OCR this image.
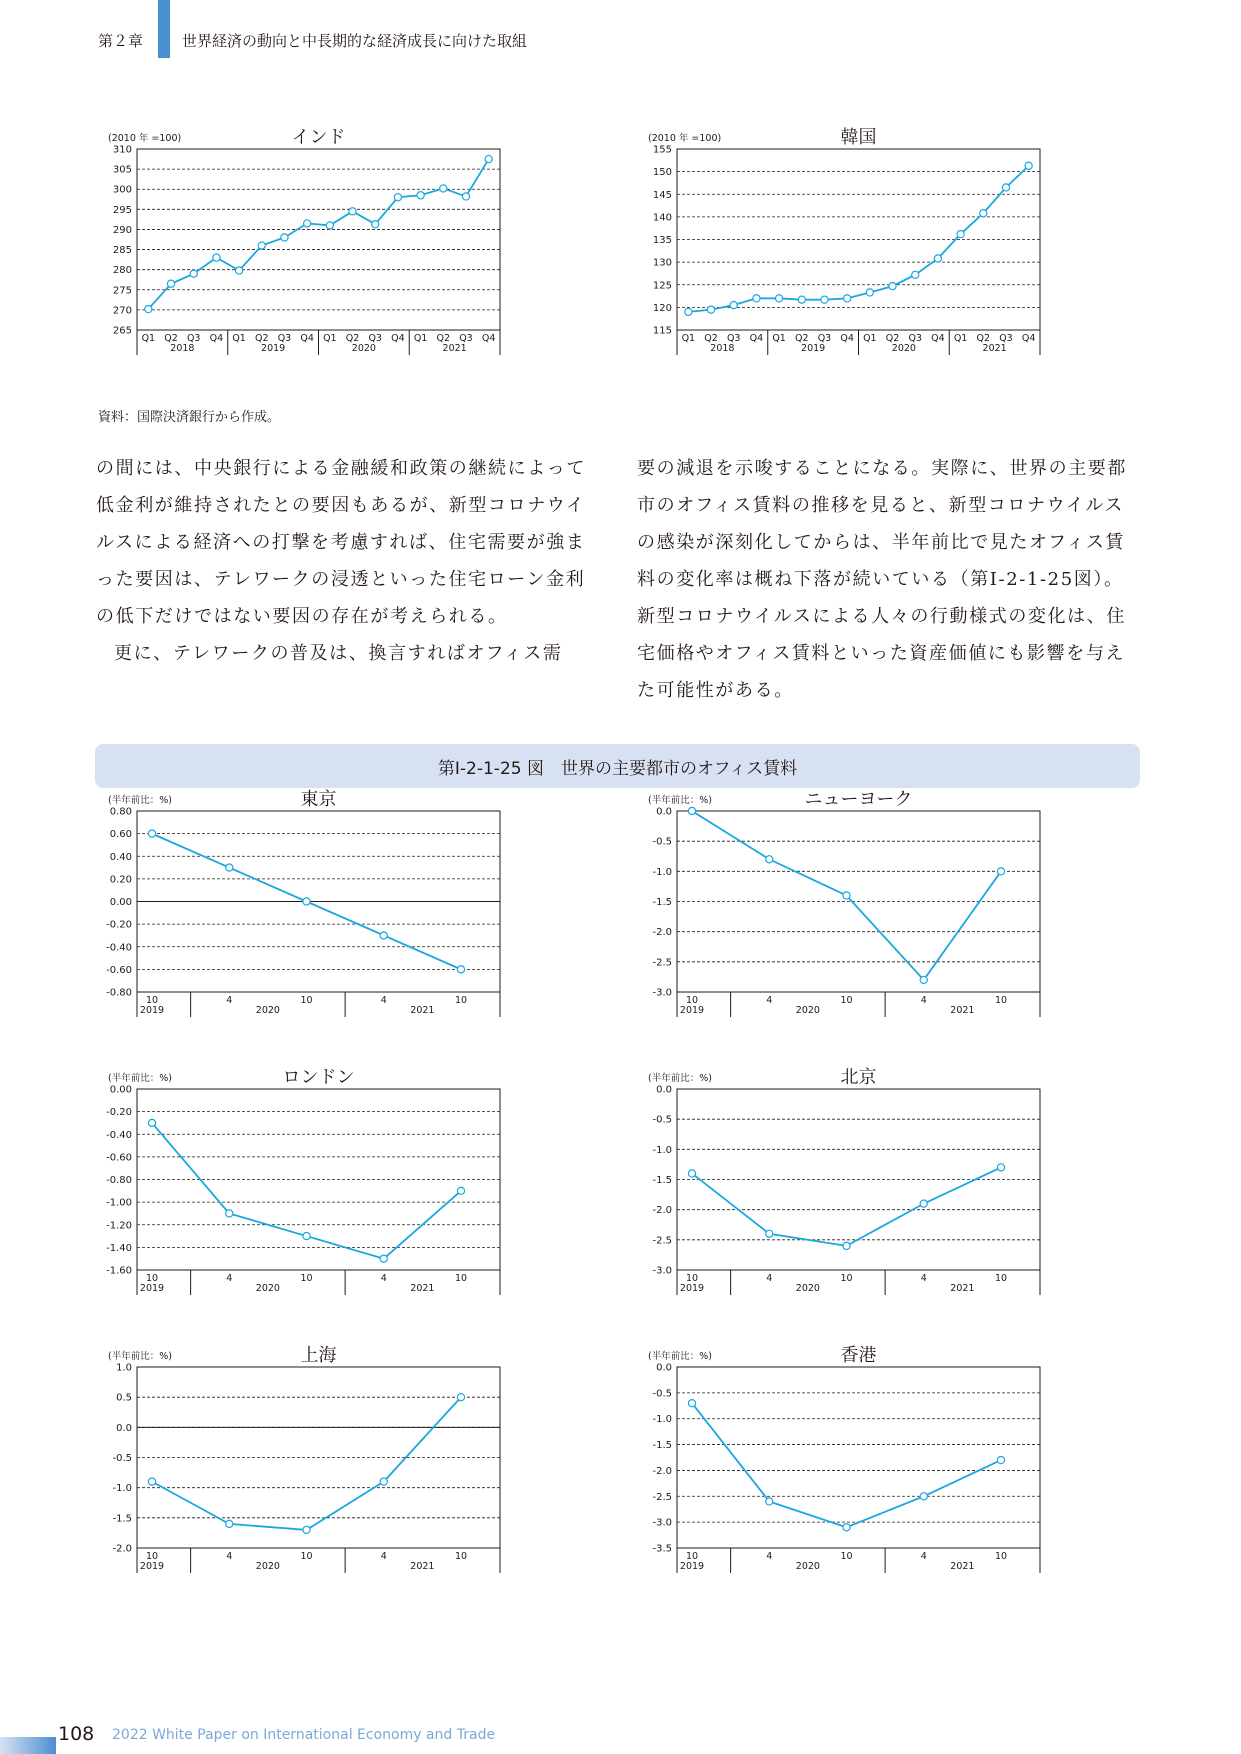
第２章	世界経済の動向と中長期的な経済成長に向けた取組
(2010 年 =100)	インド
265
270
275
280
285
290
295
300
305
310
Q1 Q2 Q3 Q4 Q1 Q2 Q3 Q4 Q1 Q2 Q3 Q4 Q1 Q2 Q3 Q4
2018	2019	2020	2021
(2010 年 =100)	韓国
115
120
125
130
135
140
145
150
155
Q1 Q2 Q3 Q4 Q1 Q2 Q3 Q4 Q1 Q2 Q3 Q4 Q1 Q2 Q3 Q4
2018	2019	2020	2021
資料：国際決済銀行から作成。

の間には、中央銀行による金融緩和政策の継続によって低金利が維持されたとの要因もあるが、新型コロナウイルスによる経済への打撃を考慮すれば、住宅需要が強まった要因は、テレワークの浸透といった住宅ローン金利の低下だけではない要因の存在が考えられる。

更に、テレワークの普及は、換言すればオフィス需

要の減退を示唆することになる。実際に、世界の主要都市のオフィス賃料の推移を見ると、新型コロナウイルスの感染が深刻化してからは、半年前比で見たオフィス賃料の変化率は概ね下落が続いている（第Ⅰ-2-1-25図）。新型コロナウイルスによる人々の行動様式の変化は、住宅価格やオフィス賃料といった資産価値にも影響を与えた可能性がある。

第Ⅰ-2-1-25 図　世界の主要都市のオフィス賃料
(半年前比：%)	東京
-0.80
-0.60
-0.40
-0.20
0.00
0.20
0.40
0.60
0.80
10	4	10	4	10
2019	2020	2021
(半年前比：%)	ニューヨーク
-3.0
-2.5
-2.0
-1.5
-1.0
-0.5
0.0
10	4	10	4	10
2019	2020	2021
(半年前比：%)	ロンドン
-1.60
-1.40
-1.20
-1.00
-0.80
-0.60
-0.40
-0.20
0.00
10	4	10	4	10
2019	2020	2021
(半年前比：%)	北京
-3.0
-2.5
-2.0
-1.5
-1.0
-0.5
0.0
10	4	10	4	10
2019	2020	2021
(半年前比：%)	上海
-2.0
-1.5
-1.0
-0.5
0.0
0.5
1.0
10	4	10	4	10
2019	2020	2021
(半年前比：%)	香港
-3.5
-3.0
-2.5
-2.0
-1.5
-1.0
-0.5
0.0
10	4	10	4	10
2019	2020	2021
108 2022 White Paper on International Economy and Trade
